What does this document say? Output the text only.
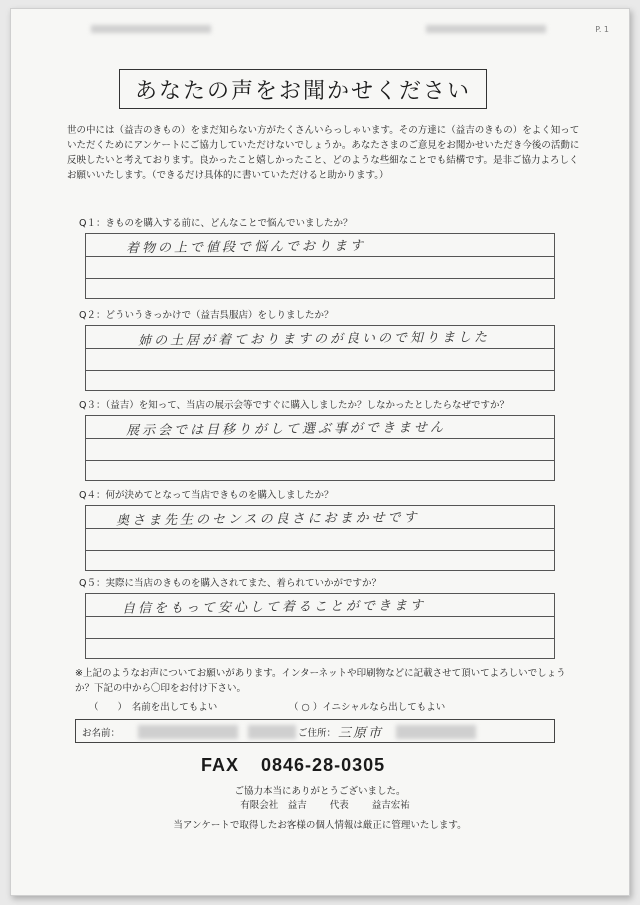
P. 1
あなたの声をお聞かせください
世の中には（益吉のきもの）をまだ知らない方がたくさんいらっしゃいます。その方達に（益吉のきもの）をよく知っていただくためにアンケートにご協力していただけないでしょうか。あなたさまのご意見をお聞かせいただき今後の活動に反映したいと考えております。良かったこと嬉しかったこと、どのような些細なことでも結構です。是非ご協力よろしくお願いいたします。（できるだけ具体的に書いていただけると助かります。）
Q１：きものを購入する前に、どんなことで悩んでいましたか？
着物の上で値段で悩んでおります
Q２：どういうきっかけで（益吉呉服店）をしりましたか？
姉の土居が着ておりますのが良いので知りました
Q３：（益吉）を知って、当店の展示会等ですぐに購入しましたか？しなかったとしたらなぜですか？
展示会では目移りがして選ぶ事ができません
Q４：何が決めてとなって当店できものを購入しましたか？
奥さま先生のセンスの良さにおまかせです
Q５：実際に当店のきものを購入されてまた、着られていかがですか？
自信をもって安心して着ることができます
※上記のようなお声についてお願いがあります。インターネットや印刷物などに記載させて頂いてよろしいでしょうか？下記の中から〇印をお付け下さい。
（　　）　名前を出してもよい	（ ○ ）イニシャルなら出してもよい
お名前：	ご住所： 三原市
FAX 0846-28-0305
ご協力本当にありがとうございました。
有限会社　益吉 代表 益吉宏祐
当アンケートで取得したお客様の個人情報は厳正に管理いたします。
